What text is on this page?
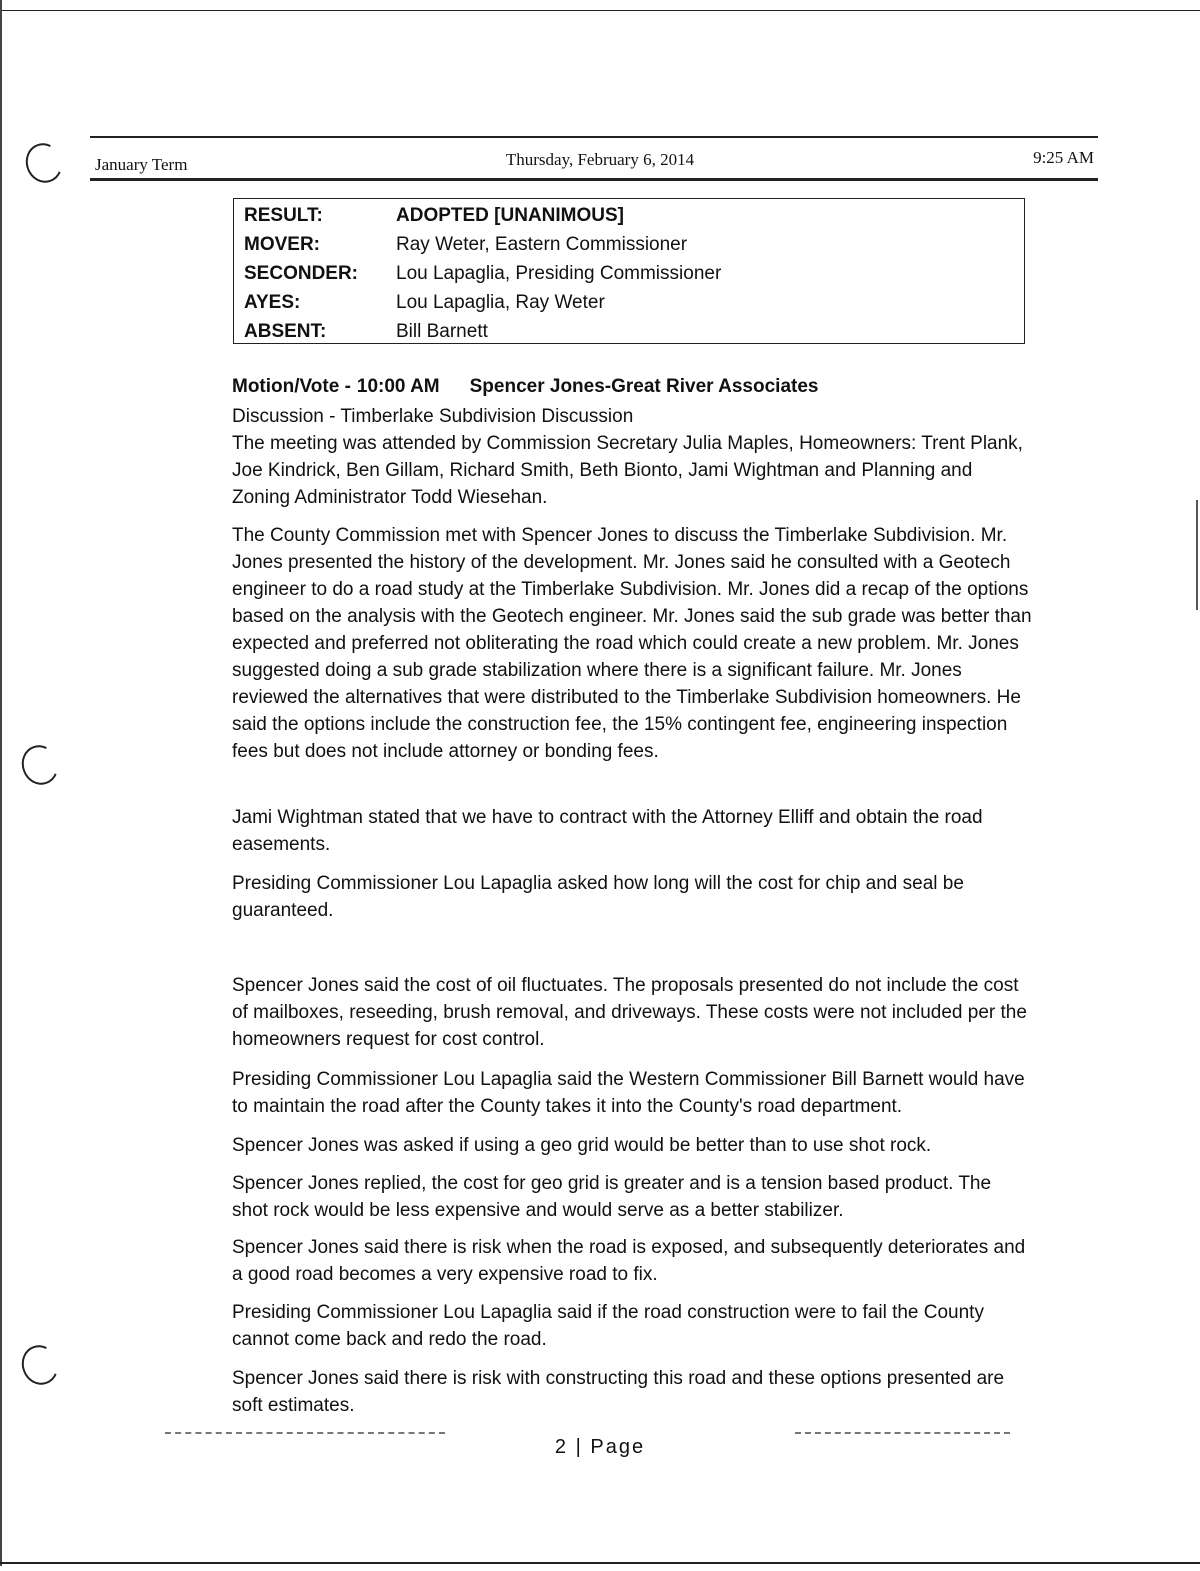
January Term	Thursday, February 6, 2014	9:25 AM
RESULT:	ADOPTED [UNANIMOUS]
MOVER:	Ray Weter, Eastern Commissioner
SECONDER: Lou Lapaglia, Presiding Commissioner
AYES:	Lou Lapaglia, Ray Weter
ABSENT:	Bill Barnett
Motion/Vote - 10:00 AM Spencer Jones-Great River Associates

Discussion - Timberlake Subdivision Discussion

The meeting was attended by Commission Secretary Julia Maples, Homeowners: Trent Plank, Joe Kindrick, Ben Gillam, Richard Smith, Beth Bionto, Jami Wightman and Planning and Zoning Administrator Todd Wiesehan.

The County Commission met with Spencer Jones to discuss the Timberlake Subdivision. Mr. Jones presented the history of the development. Mr. Jones said he consulted with a Geotech engineer to do a road study at the Timberlake Subdivision. Mr. Jones did a recap of the options based on the analysis with the Geotech engineer. Mr. Jones said the sub grade was better than expected and preferred not obliterating the road which could create a new problem. Mr. Jones suggested doing a sub grade stabilization where there is a significant failure. Mr. Jones reviewed the alternatives that were distributed to the Timberlake Subdivision homeowners. He said the options include the construction fee, the 15% contingent fee, engineering inspection fees but does not include attorney or bonding fees.

Jami Wightman stated that we have to contract with the Attorney Elliff and obtain the road easements.

Presiding Commissioner Lou Lapaglia asked how long will the cost for chip and seal be guaranteed.

Spencer Jones said the cost of oil fluctuates. The proposals presented do not include the cost of mailboxes, reseeding, brush removal, and driveways. These costs were not included per the homeowners request for cost control.

Presiding Commissioner Lou Lapaglia said the Western Commissioner Bill Barnett would have to maintain the road after the County takes it into the County's road department.

Spencer Jones was asked if using a geo grid would be better than to use shot rock.

Spencer Jones replied, the cost for geo grid is greater and is a tension based product. The shot rock would be less expensive and would serve as a better stabilizer.

Spencer Jones said there is risk when the road is exposed, and subsequently deteriorates and a good road becomes a very expensive road to fix.

Presiding Commissioner Lou Lapaglia said if the road construction were to fail the County cannot come back and redo the road.

Spencer Jones said there is risk with constructing this road and these options presented are soft estimates.

2 | Page
